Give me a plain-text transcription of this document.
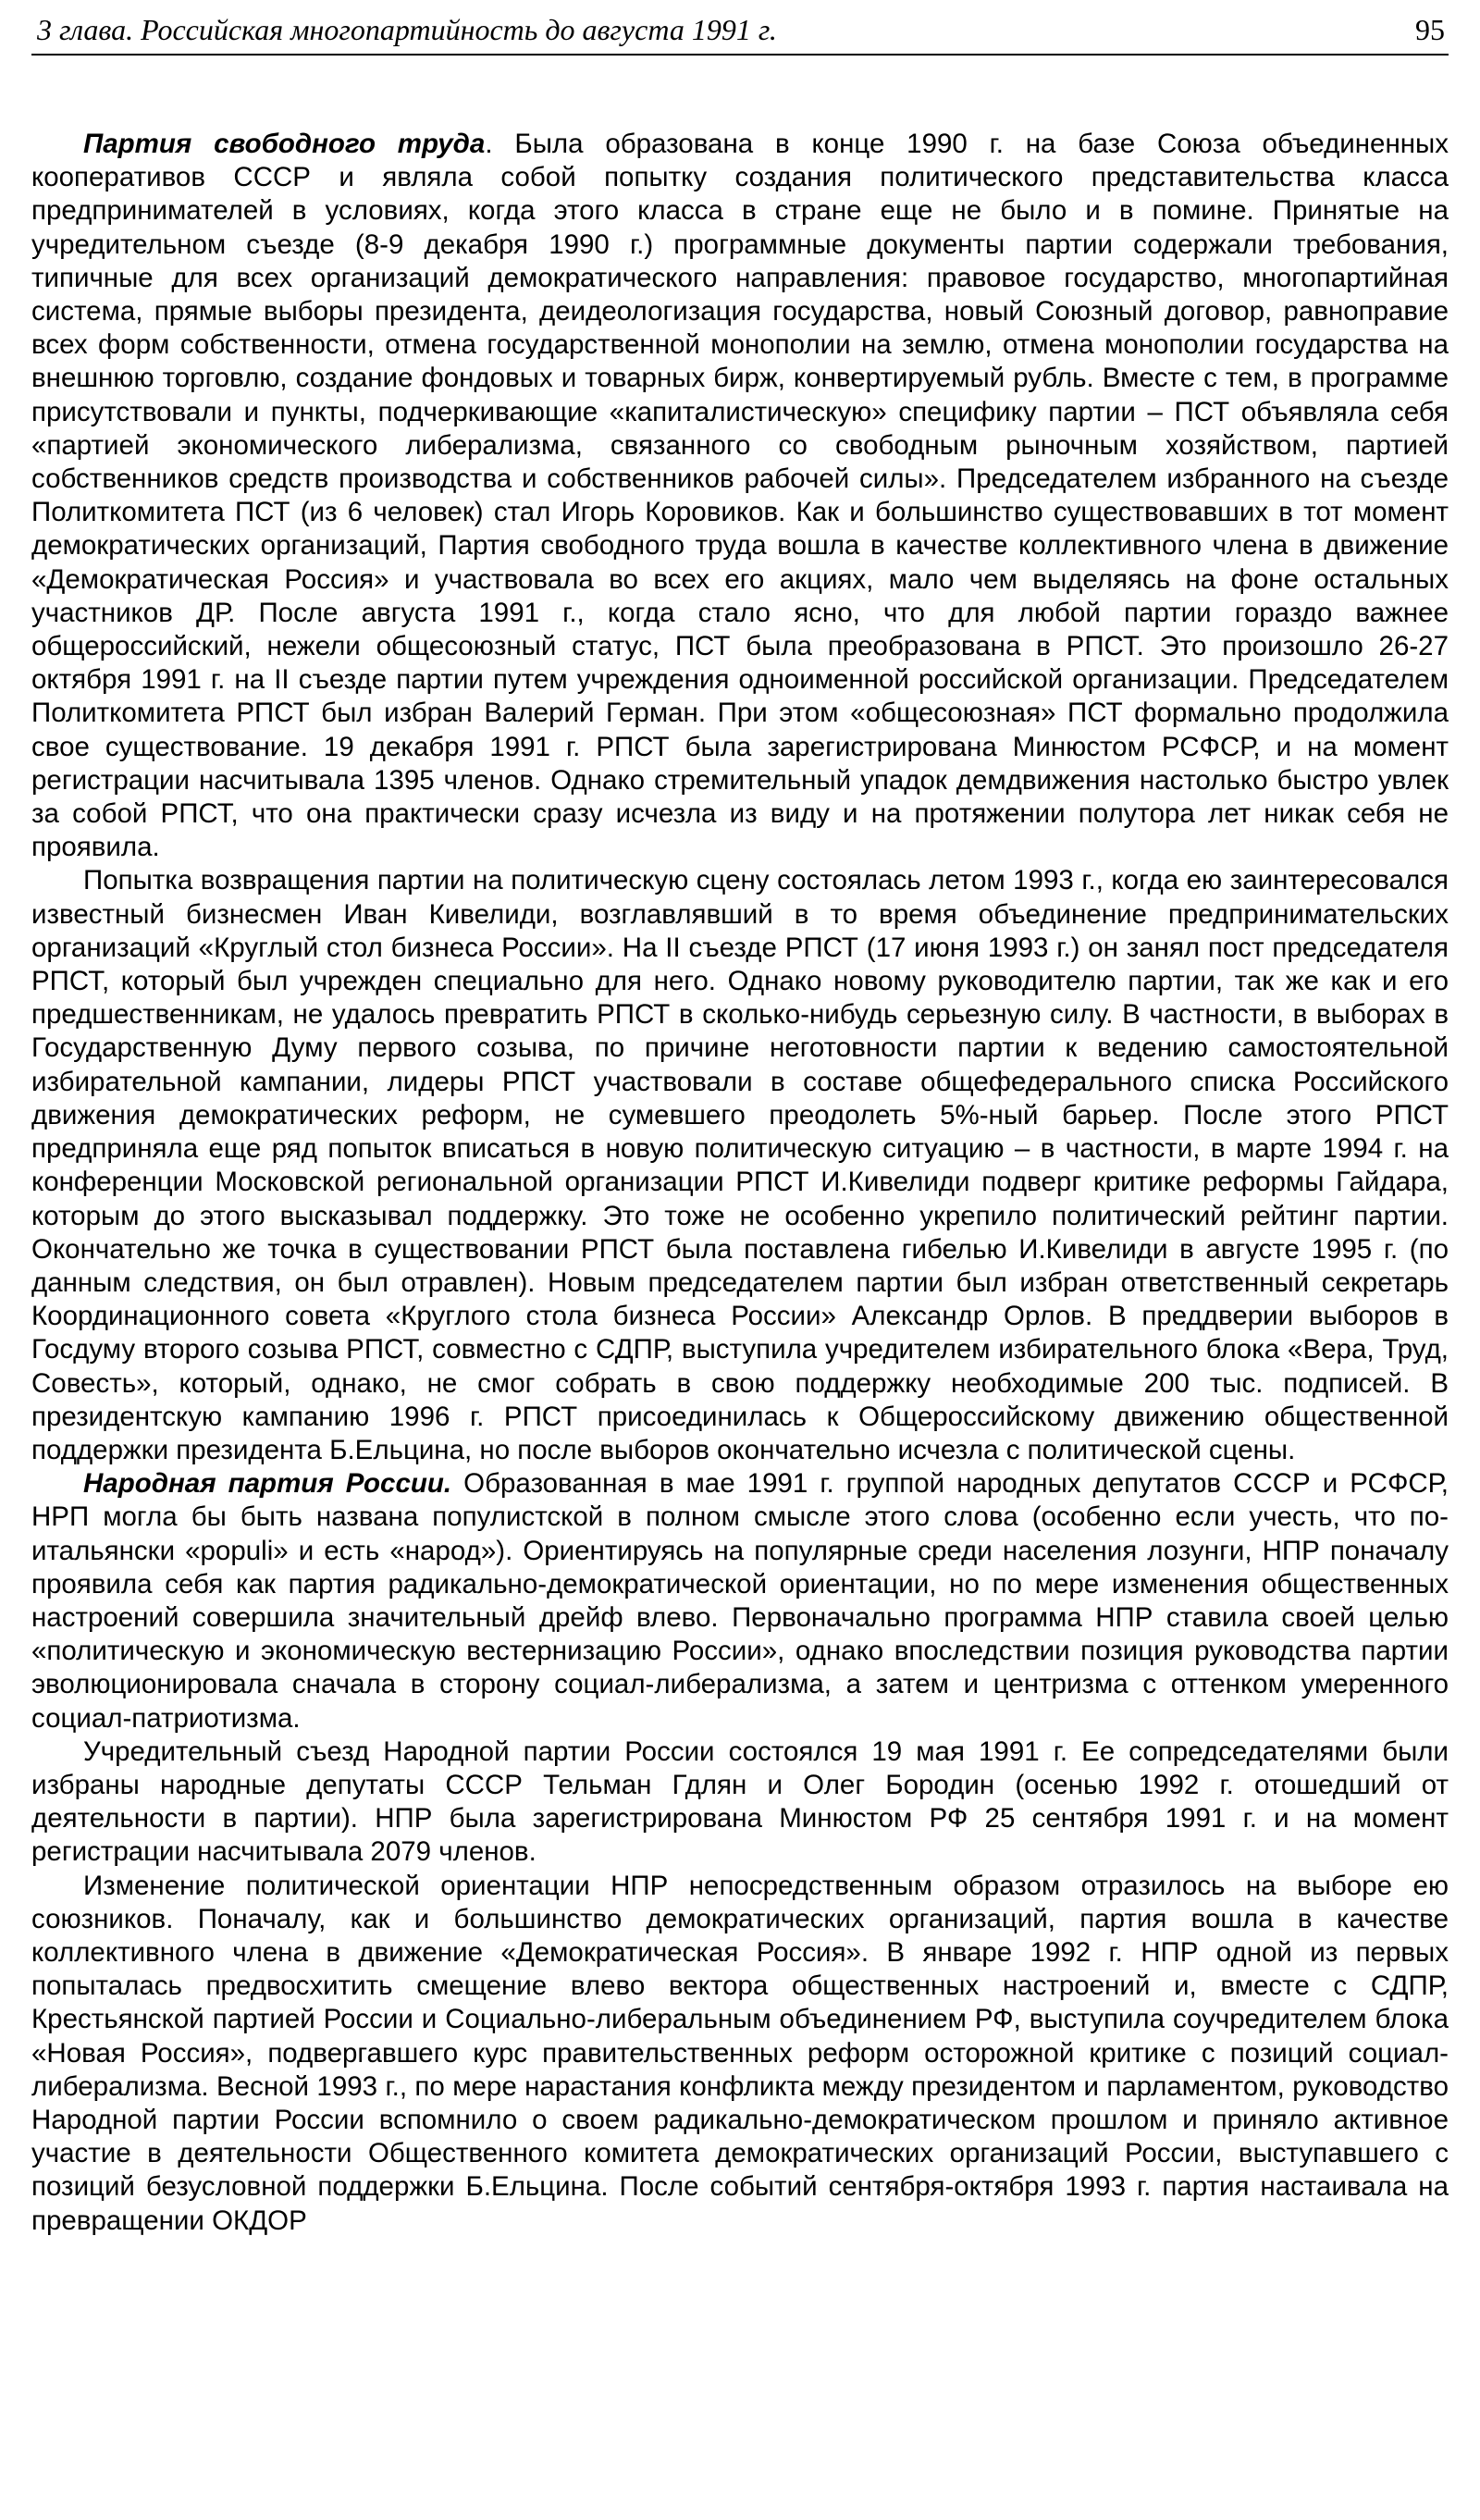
3 глава. Российская многопартийность до августа 1991 г.	95

Партия свободного труда. Была образована в конце 1990 г. на базе Союза объединенных кооперативов СССР и являла собой попытку создания политического представительства класса предпринимателей в условиях, когда этого класса в стране еще не было и в помине. Принятые на учредительном съезде (8-9 декабря 1990 г.) программные документы партии содержали требования, типичные для всех организаций демократического направления: правовое государство, многопартийная система, прямые выборы президента, деидеологизация государства, новый Союзный договор, равноправие всех форм собственности, отмена государственной монополии на землю, отмена монополии государства на внешнюю торговлю, создание фондовых и товарных бирж, конвертируемый рубль. Вместе с тем, в программе присутствовали и пункты, подчеркивающие «капиталистическую» специфику партии – ПСТ объявляла себя «партией экономического либерализма, связанного со свободным рыночным хозяйством, партией собственников средств производства и собственников рабочей силы». Председателем избранного на съезде Политкомитета ПСТ (из 6 человек) стал Игорь Коровиков. Как и большинство существовавших в тот момент демократических организаций, Партия свободного труда вошла в качестве коллективного члена в движение «Демократическая Россия» и участвовала во всех его акциях, мало чем выделяясь на фоне остальных участников ДР. После августа 1991 г., когда стало ясно, что для любой партии гораздо важнее общероссийский, нежели общесоюзный статус, ПСТ была преобразована в РПСТ. Это произошло 26-27 октября 1991 г. на II съезде партии путем учреждения одноименной российской организации. Председателем Политкомитета РПСТ был избран Валерий Герман. При этом «общесоюзная» ПСТ формально продолжила свое существование. 19 декабря 1991 г. РПСТ была зарегистрирована Минюстом РСФСР, и на момент регистрации насчитывала 1395 членов. Однако стремительный упадок демдвижения настолько быстро увлек за собой РПСТ, что она практически сразу исчезла из виду и на протяжении полутора лет никак себя не проявила.

Попытка возвращения партии на политическую сцену состоялась летом 1993 г., когда ею заинтересовался известный бизнесмен Иван Кивелиди, возглавлявший в то время объединение предпринимательских организаций «Круглый стол бизнеса России». На II съезде РПСТ (17 июня 1993 г.) он занял пост председателя РПСТ, который был учрежден специально для него. Однако новому руководителю партии, так же как и его предшественникам, не удалось превратить РПСТ в сколько-нибудь серьезную силу. В частности, в выборах в Государственную Думу первого созыва, по причине неготовности партии к ведению самостоятельной избирательной кампании, лидеры РПСТ участвовали в составе общефедерального списка Российского движения демократических реформ, не сумевшего преодолеть 5%-ный барьер. После этого РПСТ предприняла еще ряд попыток вписаться в новую политическую ситуацию – в частности, в марте 1994 г. на конференции Московской региональной организации РПСТ И.Кивелиди подверг критике реформы Гайдара, которым до этого высказывал поддержку. Это тоже не особенно укрепило политический рейтинг партии. Окончательно же точка в существовании РПСТ была поставлена гибелью И.Кивелиди в августе 1995 г. (по данным следствия, он был отравлен). Новым председателем партии был избран ответственный секретарь Координационного совета «Круглого стола бизнеса России» Александр Орлов. В преддверии выборов в Госдуму второго созыва РПСТ, совместно с СДПР, выступила учредителем избирательного блока «Вера, Труд, Совесть», который, однако, не смог собрать в свою поддержку необходимые 200 тыс. подписей. В президентскую кампанию 1996 г. РПСТ присоединилась к Общероссийскому движению общественной поддержки президента Б.Ельцина, но после выборов окончательно исчезла с политической сцены.

Народная партия России. Образованная в мае 1991 г. группой народных депутатов СССР и РСФСР, НРП могла бы быть названа популистской в полном смысле этого слова (особенно если учесть, что по-итальянски «populi» и есть «народ»). Ориентируясь на популярные среди населения лозунги, НПР поначалу проявила себя как партия радикально-демократической ориентации, но по мере изменения общественных настроений совершила значительный дрейф влево. Первоначально программа НПР ставила своей целью «политическую и экономическую вестернизацию России», однако впоследствии позиция руководства партии эволюционировала сначала в сторону социал-либерализма, а затем и центризма с оттенком умеренного социал-патриотизма.

Учредительный съезд Народной партии России состоялся 19 мая 1991 г. Ее сопредседателями были избраны народные депутаты СССР Тельман Гдлян и Олег Бородин (осенью 1992 г. отошедший от деятельности в партии). НПР была зарегистрирована Минюстом РФ 25 сентября 1991 г. и на момент регистрации насчитывала 2079 членов.

Изменение политической ориентации НПР непосредственным образом отразилось на выборе ею союзников. Поначалу, как и большинство демократических организаций, партия вошла в качестве коллективного члена в движение «Демократическая Россия». В январе 1992 г. НПР одной из первых попыталась предвосхитить смещение влево вектора общественных настроений и, вместе с СДПР, Крестьянской партией России и Социально-либеральным объединением РФ, выступила соучредителем блока «Новая Россия», подвергавшего курс правительственных реформ осторожной критике с позиций социал-либерализма. Весной 1993 г., по мере нарастания конфликта между президентом и парламентом, руководство Народной партии России вспомнило о своем радикально-демократическом прошлом и приняло активное участие в деятельности Общественного комитета демократических организаций России, выступавшего с позиций безусловной поддержки Б.Ельцина. После событий сентября-октября 1993 г. партия настаивала на превращении ОКДОР
